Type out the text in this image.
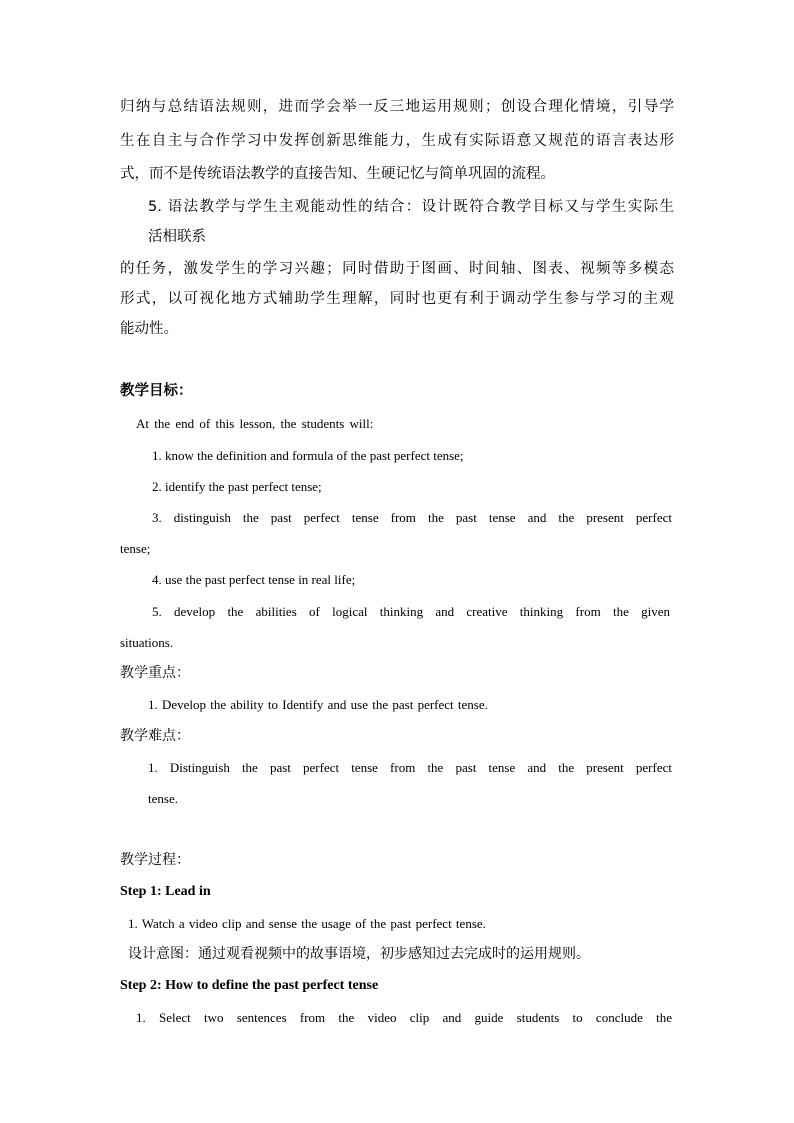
归纳与总结语法规则，进而学会举一反三地运用规则；创设合理化情境，引导学

生在自主与合作学习中发挥创新思维能力，生成有实际语意又规范的语言表达形

式，而不是传统语法教学的直接告知、生硬记忆与简单巩固的流程。

5. 语法教学与学生主观能动性的结合：设计既符合教学目标又与学生实际生

活相联系

的任务，激发学生的学习兴趣；同时借助于图画、时间轴、图表、视频等多模态

形式，以可视化地方式辅助学生理解，同时也更有利于调动学生参与学习的主观

能动性。

教学目标：

At the end of this lesson, the students will:

1. know the definition and formula of the past perfect tense;

2. identify the past perfect tense;

3. distinguish the past perfect tense from the past tense and the present perfect

tense;

4. use the past perfect tense in real life;

5. develop the abilities of logical thinking and creative thinking from the given

situations.

教学重点：

1. Develop the ability to Identify and use the past perfect tense.

教学难点：

1. Distinguish the past perfect tense from the past tense and the present perfect

tense.

教学过程：

Step 1: Lead in

1. Watch a video clip and sense the usage of the past perfect tense.

设计意图：通过观看视频中的故事语境，初步感知过去完成时的运用规则。

Step 2: How to define the past perfect tense

1. Select two sentences from the video clip and guide students to conclude the
